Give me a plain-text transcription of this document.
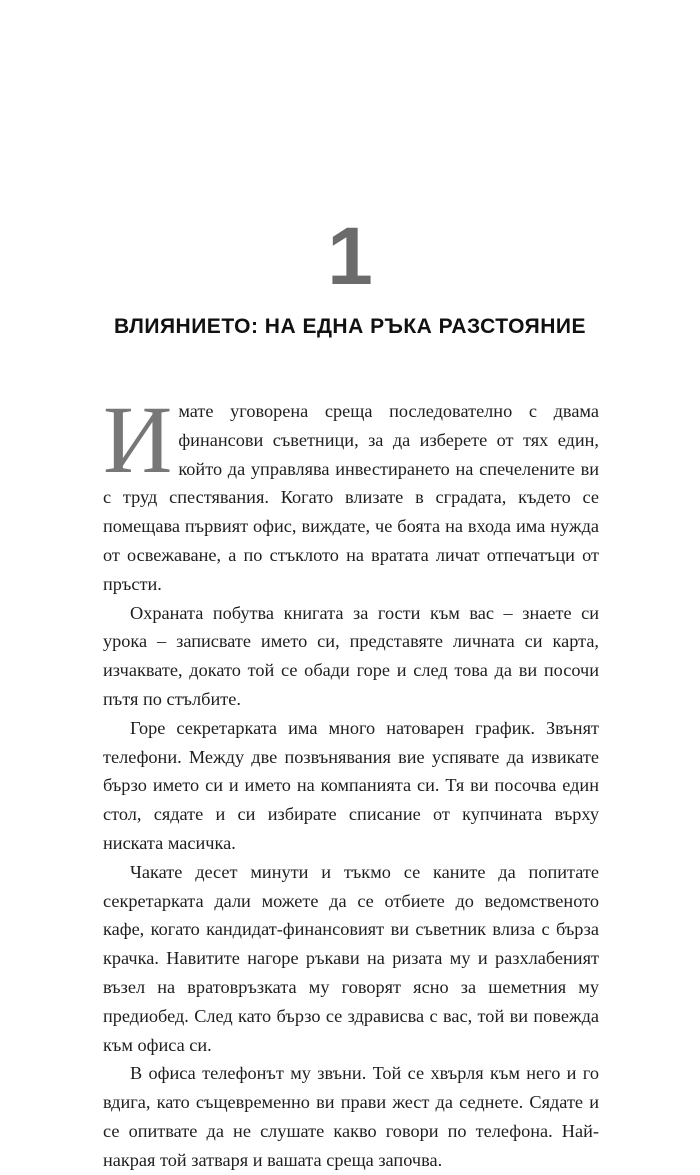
1
ВЛИЯНИЕТО: НА ЕДНА РЪКА РАЗСТОЯНИЕ

Имате уговорена среща последователно с двама финансови съветници, за да изберете от тях един, който да управлява инвестирането на спечелените ви с труд спестявания. Когато влизате в сградата, където се помещава първият офис, виждате, че боята на входа има нужда от освежаване, а по стъклото на вратата личат отпечатъци от пръсти.

Охраната побутва книгата за гости към вас – знаете си урока – записвате името си, представяте личната си карта, изчаквате, докато той се обади горе и след това да ви посочи пътя по стълбите.

Горе секретарката има много натоварен график. Звънят телефони. Между две позвънявания вие успявате да извикате бързо името си и името на компанията си. Тя ви посочва един стол, сядате и си избирате списание от купчината върху ниската масичка.

Чакате десет минути и тъкмо се каните да попитате секретарката дали можете да се отбиете до ведомственото кафе, когато кандидат-финансовият ви съветник влиза с бърза крачка. Навитите нагоре ръкави на ризата му и разхлабеният възел на вратовръзката му говорят ясно за шеметния му предиобед. След като бързо се здрависва с вас, той ви повежда към офиса си.

В офиса телефонът му звъни. Той се хвърля към него и го вдига, като същевременно ви прави жест да седнете. Сядате и се опитвате да не слушате какво говори по телефона. Най-накрая той затваря и вашата среща започва.
